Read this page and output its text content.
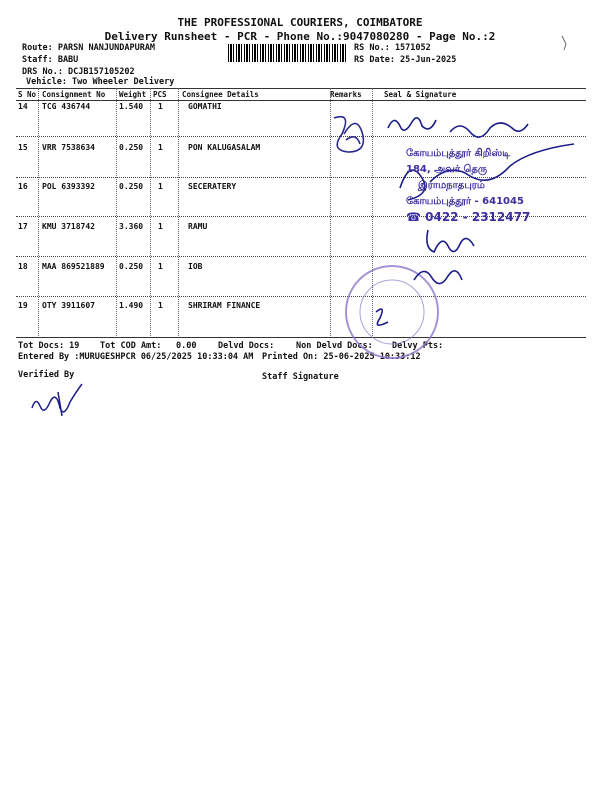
THE PROFESSIONAL COURIERS, COIMBATORE
Delivery Runsheet - PCR - Phone No.:9047080280 - Page No.:2
Route: PARSN NANJUNDAPURAM
Staff: BABU
DRS No.: DCJB157105202
Vehicle: Two Wheeler Delivery
RS No.: 1571052
RS Date: 25-Jun-2025
S No Consignment No Weight PCS Consignee Details	Remarks	Seal & Signature
14 TCG 436744	1.540 1	GOMATHI
15 VRR 7538634	0.250 1	PON KALUGASALAM
16 POL 6393392	0.250 1	SECERATERY
17 KMU 3718742	3.360 1	RAMU
18 MAA 869521889 0.250 1	IOB
19 OTY 3911607	1.490 1	SHRIRAM FINANCE
Tot Docs: 19 Tot COD Amt: 0.00	Delvd Docs:	Non Delvd Docs: Delvy Pts:
Entered By :MURUGESHPCR 06/25/2025 10:33:04 AM Printed On: 25-06-2025 10:33:12
Verified By	Staff Signature
கோயம்புத்தூர் கிறிஸ்டி
184, அவர் தெரு
இராமநாதபுரம்
கோயம்புத்தூர் - 641045
☎ 0422 - 2312477
